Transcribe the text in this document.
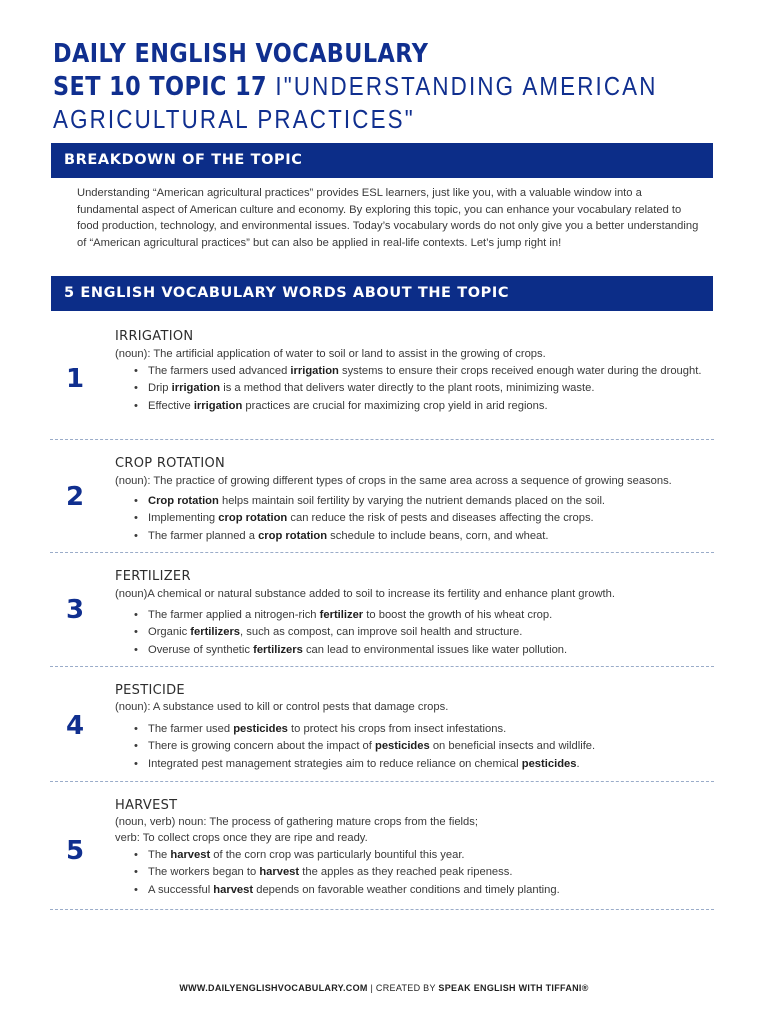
DAILY ENGLISH VOCABULARY
SET 10 TOPIC 17 I"UNDERSTANDING AMERICAN
AGRICULTURAL PRACTICES"
BREAKDOWN OF THE TOPIC

Understanding “American agricultural practices” provides ESL learners, just like you, with a valuable window into a fundamental aspect of American culture and economy. By exploring this topic, you can enhance your vocabulary related to food production, technology, and environmental issues. Today’s vocabulary words do not only give you a better understanding of “American agricultural practices” but can also be applied in real-life contexts. Let’s jump right in!

5 ENGLISH VOCABULARY WORDS ABOUT THE TOPIC
1
IRRIGATION
(noun): The artificial application of water to soil or land to assist in the growing of crops.
• The farmers used advanced irrigation systems to ensure their crops received enough water during the drought.
• Drip irrigation is a method that delivers water directly to the plant roots, minimizing waste.
• Effective irrigation practices are crucial for maximizing crop yield in arid regions.
2
CROP ROTATION
(noun): The practice of growing different types of crops in the same area across a sequence of growing seasons.
• Crop rotation helps maintain soil fertility by varying the nutrient demands placed on the soil.
• Implementing crop rotation can reduce the risk of pests and diseases affecting the crops.
• The farmer planned a crop rotation schedule to include beans, corn, and wheat.
3
FERTILIZER
(noun)A chemical or natural substance added to soil to increase its fertility and enhance plant growth.
• The farmer applied a nitrogen-rich fertilizer to boost the growth of his wheat crop.
• Organic fertilizers, such as compost, can improve soil health and structure.
• Overuse of synthetic fertilizers can lead to environmental issues like water pollution.
4
PESTICIDE
(noun): A substance used to kill or control pests that damage crops.
• The farmer used pesticides to protect his crops from insect infestations.
• There is growing concern about the impact of pesticides on beneficial insects and wildlife.
• Integrated pest management strategies aim to reduce reliance on chemical pesticides.
5
HARVEST
(noun, verb) noun: The process of gathering mature crops from the fields;
verb: To collect crops once they are ripe and ready.
• The harvest of the corn crop was particularly bountiful this year.
• The workers began to harvest the apples as they reached peak ripeness.
• A successful harvest depends on favorable weather conditions and timely planting.
WWW.DAILYENGLISHVOCABULARY.COM | CREATED BY SPEAK ENGLISH WITH TIFFANI®
